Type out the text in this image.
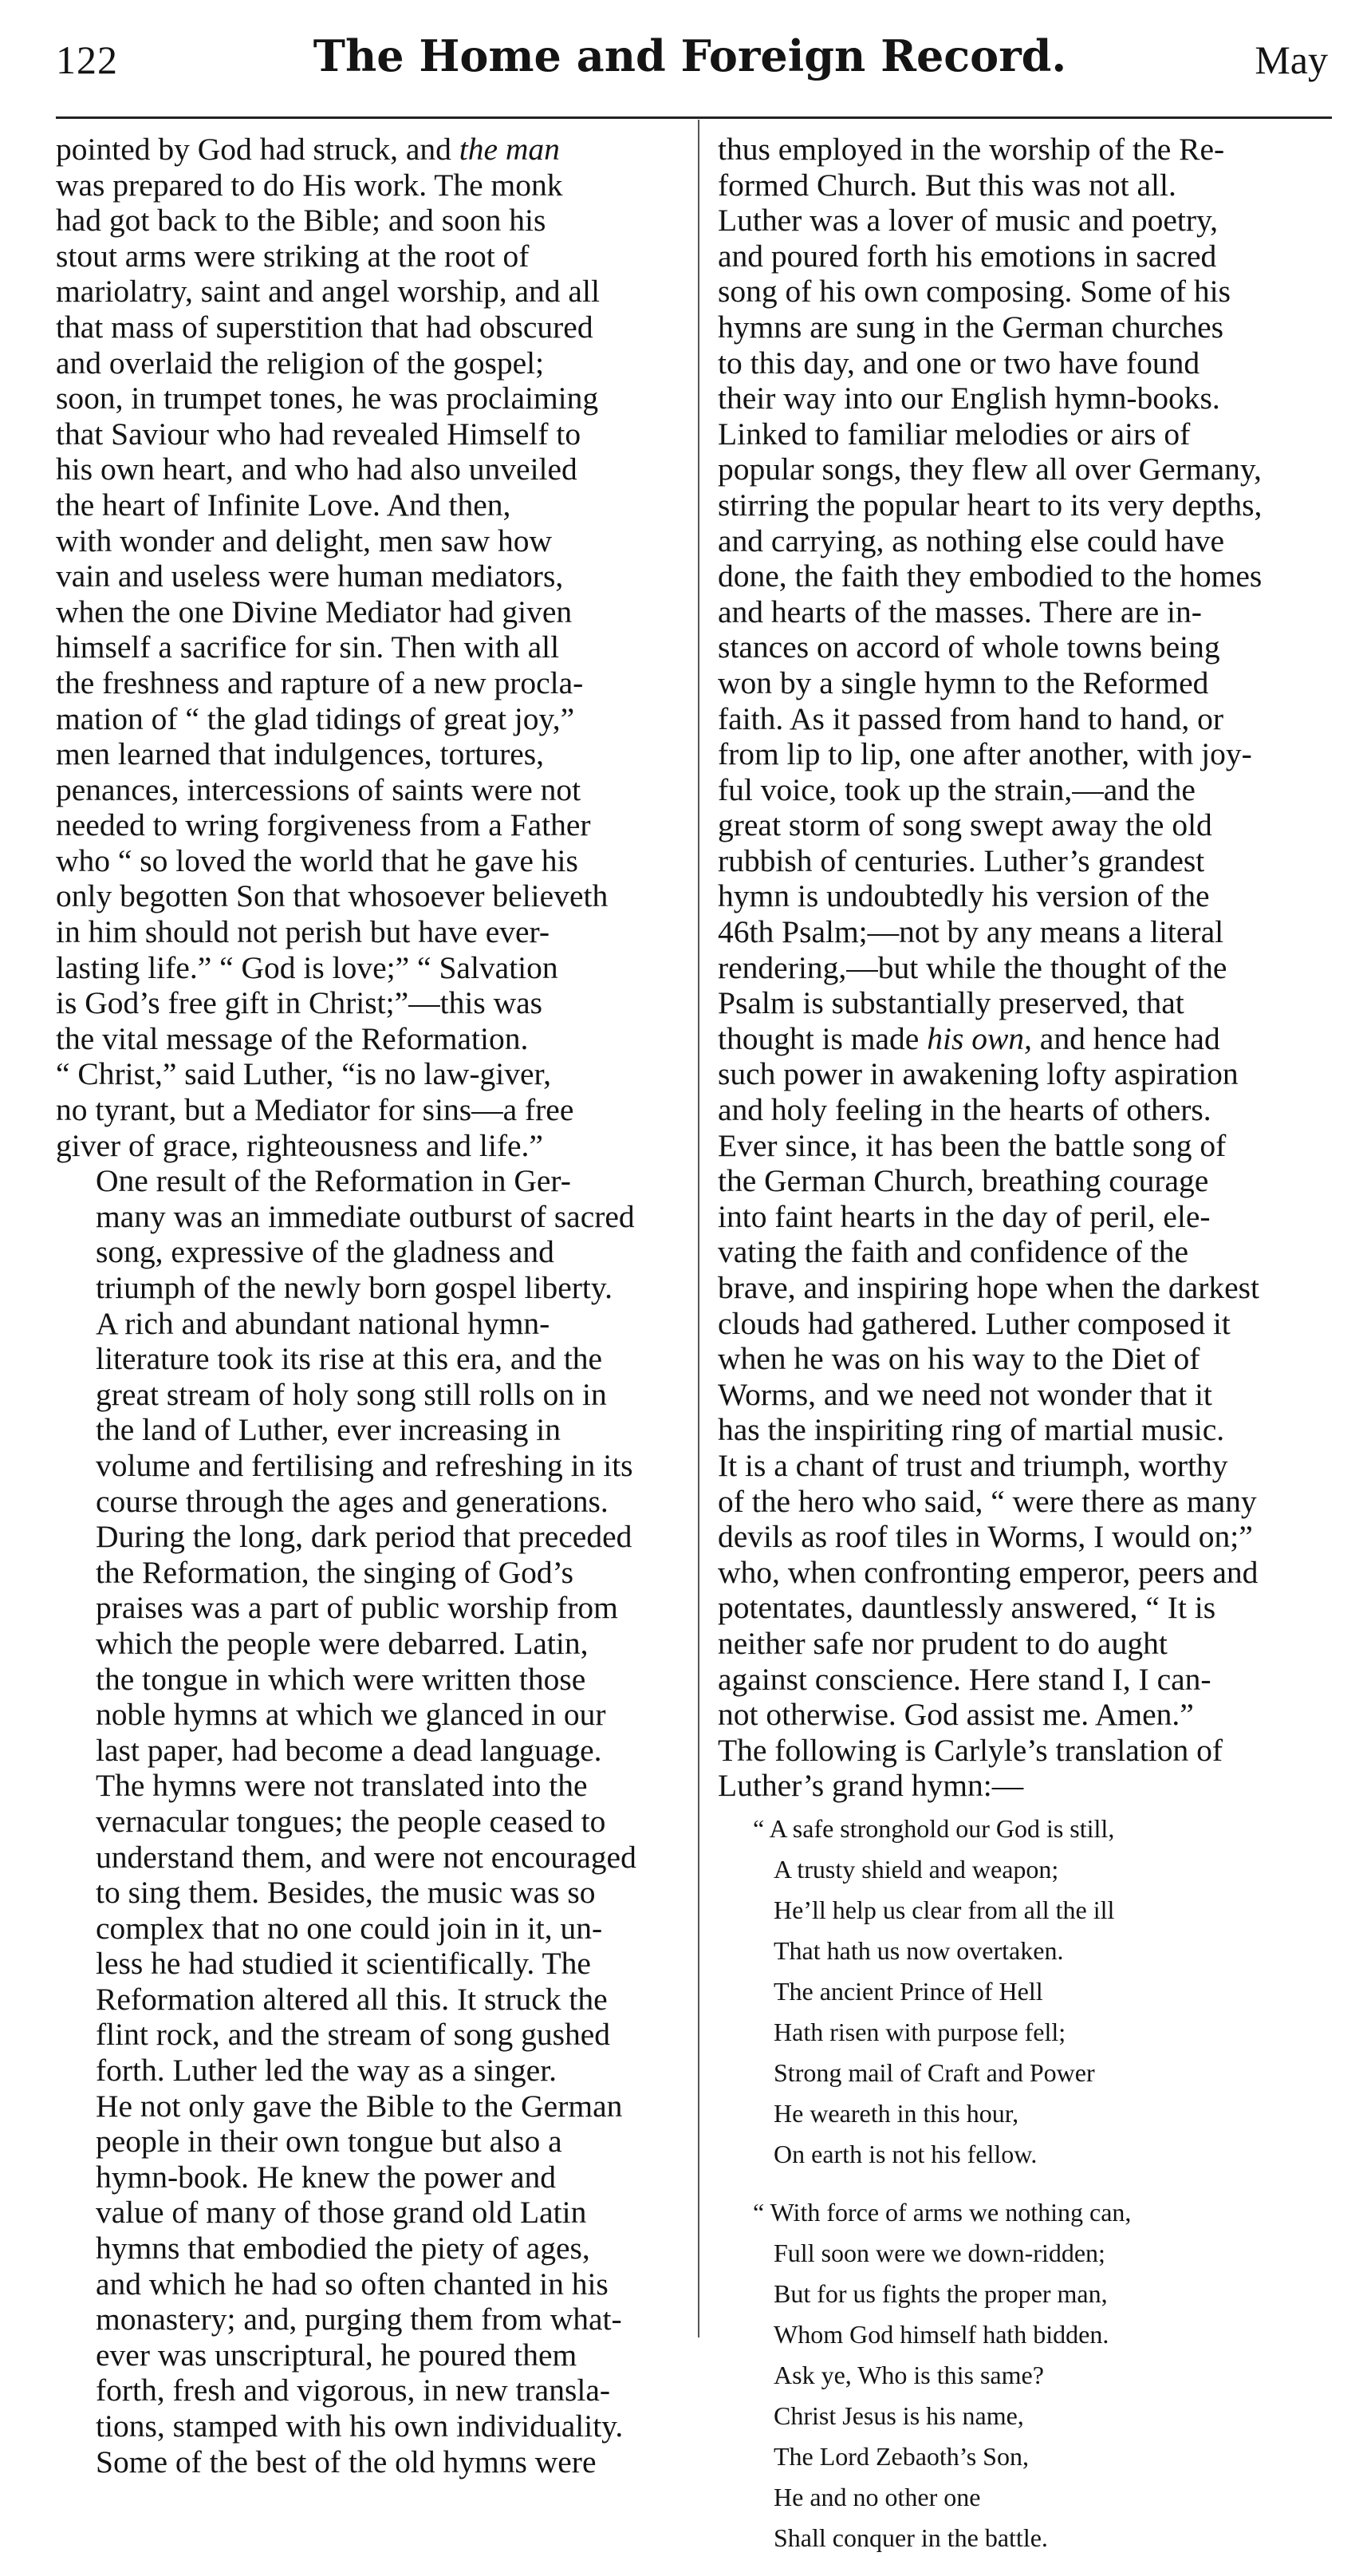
122	The Home and Foreign Record.	May

pointed by God had struck, and the man

was prepared to do His work. The monk
had got back to the Bible; and soon his
stout arms were striking at the root of
mariolatry, saint and angel worship, and all
that mass of superstition that had obscured
and overlaid the religion of the gospel;
soon, in trumpet tones, he was proclaiming
that Saviour who had revealed Himself to
his own heart, and who had also unveiled
the heart of Infinite Love. And then,
with wonder and delight, men saw how
vain and useless were human mediators,
when the one Divine Mediator had given
himself a sacrifice for sin. Then with all
the freshness and rapture of a new procla-
mation of “ the glad tidings of great joy,”
men learned that indulgences, tortures,
penances, intercessions of saints were not
needed to wring forgiveness from a Father
who “ so loved the world that he gave his
only begotten Son that whosoever believeth
in him should not perish but have ever-
lasting life.” “ God is love;” “ Salvation
is God’s free gift in Christ;”—this was
the vital message of the Reformation.
“ Christ,” said Luther, “is no law-giver,
no tyrant, but a Mediator for sins—a free
giver of grace, righteousness and life.”

One result of the Reformation in Ger-
many was an immediate outburst of sacred
song, expressive of the gladness and
triumph of the newly born gospel liberty.
A rich and abundant national hymn-
literature took its rise at this era, and the
great stream of holy song still rolls on in
the land of Luther, ever increasing in
volume and fertilising and refreshing in its
course through the ages and generations.
During the long, dark period that preceded
the Reformation, the singing of God’s
praises was a part of public worship from
which the people were debarred. Latin,
the tongue in which were written those
noble hymns at which we glanced in our
last paper, had become a dead language.
The hymns were not translated into the
vernacular tongues; the people ceased to
understand them, and were not encouraged
to sing them. Besides, the music was so
complex that no one could join in it, un-
less he had studied it scientifically. The
Reformation altered all this. It struck the
flint rock, and the stream of song gushed
forth. Luther led the way as a singer.
He not only gave the Bible to the German
people in their own tongue but also a
hymn-book. He knew the power and
value of many of those grand old Latin
hymns that embodied the piety of ages,
and which he had so often chanted in his
monastery; and, purging them from what-
ever was unscriptural, he poured them
forth, fresh and vigorous, in new transla-
tions, stamped with his own individuality.
Some of the best of the old hymns were

thus employed in the worship of the Re-
formed Church. But this was not all.
Luther was a lover of music and poetry,
and poured forth his emotions in sacred
song of his own composing. Some of his
hymns are sung in the German churches
to this day, and one or two have found
their way into our English hymn-books.
Linked to familiar melodies or airs of
popular songs, they flew all over Germany,
stirring the popular heart to its very depths,
and carrying, as nothing else could have
done, the faith they embodied to the homes
and hearts of the masses. There are in-
stances on accord of whole towns being
won by a single hymn to the Reformed
faith. As it passed from hand to hand, or
from lip to lip, one after another, with joy-
ful voice, took up the strain,—and the
great storm of song swept away the old
rubbish of centuries. Luther’s grandest
hymn is undoubtedly his version of the
46th Psalm;—not by any means a literal
rendering,—but while the thought of the
Psalm is substantially preserved, that
thought is made his own, and hence had

such power in awakening lofty aspiration
and holy feeling in the hearts of others.
Ever since, it has been the battle song of
the German Church, breathing courage
into faint hearts in the day of peril, ele-
vating the faith and confidence of the
brave, and inspiring hope when the darkest
clouds had gathered. Luther composed it
when he was on his way to the Diet of
Worms, and we need not wonder that it
has the inspiriting ring of martial music.
It is a chant of trust and triumph, worthy
of the hero who said, “ were there as many
devils as roof tiles in Worms, I would on;”
who, when confronting emperor, peers and
potentates, dauntlessly answered, “ It is
neither safe nor prudent to do aught
against conscience. Here stand I, I can-
not otherwise. God assist me. Amen.”
The following is Carlyle’s translation of
Luther’s grand hymn:—

“ A safe stronghold our God is still,
A trusty shield and weapon;
He’ll help us clear from all the ill
That hath us now overtaken.
The ancient Prince of Hell
Hath risen with purpose fell;
Strong mail of Craft and Power
He weareth in this hour,
On earth is not his fellow.
“ With force of arms we nothing can,
Full soon were we down-ridden;
But for us fights the proper man,
Whom God himself hath bidden.
Ask ye, Who is this same?
Christ Jesus is his name,
The Lord Zebaoth’s Son,
He and no other one
Shall conquer in the battle.
